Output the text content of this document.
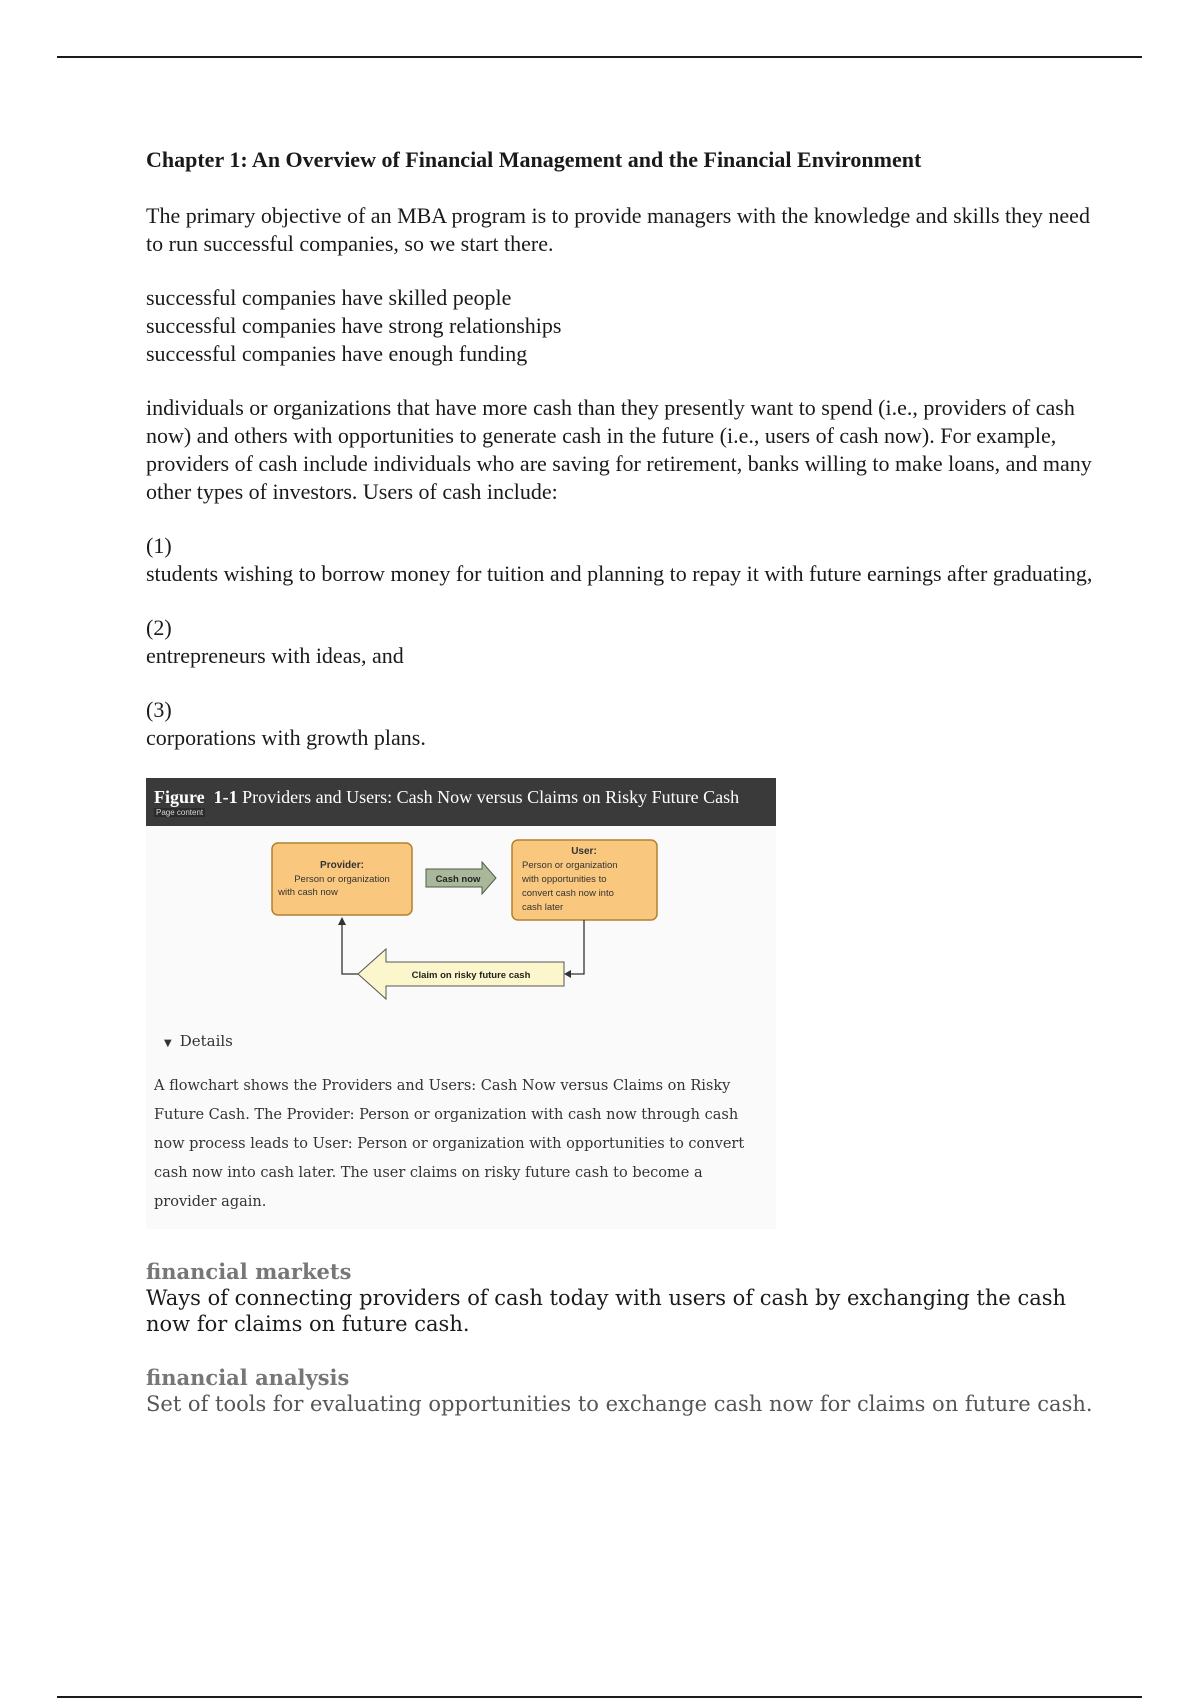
Chapter 1: An Overview of Financial Management and the Financial Environment

The primary objective of an MBA program is to provide managers with the knowledge and skills they need to run successful companies, so we start there.

successful companies have skilled people
successful companies have strong relationships
successful companies have enough funding

individuals or organizations that have more cash than they presently want to spend (i.e., providers of cash now) and others with opportunities to generate cash in the future (i.e., users of cash now). For example, providers of cash include individuals who are saving for retirement, banks willing to make loans, and many other types of investors. Users of cash include:

(1)

students wishing to borrow money for tuition and planning to repay it with future earnings after graduating,

(2)

entrepreneurs with ideas, and

(3)

corporations with growth plans.

Figure 1-1 Providers and Users: Cash Now versus Claims on Risky Future Cash
Page content
Provider:
Person or organization
with cash now
Cash now
User:
Person or organization
with opportunities to
convert cash now into
cash later
Claim on risky future cash
▼ Details
A flowchart shows the Providers and Users: Cash Now versus Claims on Risky Future Cash. The Provider: Person or organization with cash now through cash now process leads to User: Person or organization with opportunities to convert cash now into cash later. The user claims on risky future cash to become a provider again.
financial markets
Ways of connecting providers of cash today with users of cash by exchanging the cash now for claims on future cash.
financial analysis
Set of tools for evaluating opportunities to exchange cash now for claims on future cash.
